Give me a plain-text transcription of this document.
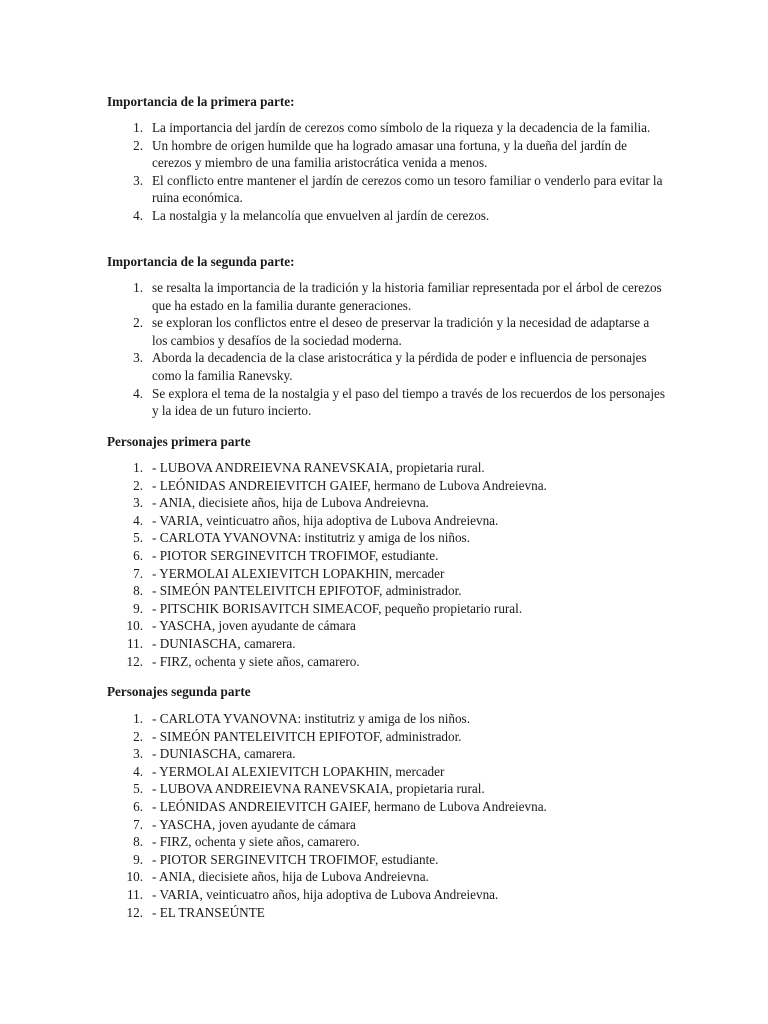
Importancia de la primera parte:
1. La importancia del jardín de cerezos como símbolo de la riqueza y la decadencia de la familia.
2. Un hombre de origen humilde que ha logrado amasar una fortuna, y la dueña del jardín de cerezos y miembro de una familia aristocrática venida a menos.
3. El conflicto entre mantener el jardín de cerezos como un tesoro familiar o venderlo para evitar la ruina económica.
4. La nostalgia y la melancolía que envuelven al jardín de cerezos.
Importancia de la segunda parte:
1. se resalta la importancia de la tradición y la historia familiar representada por el árbol de cerezos que ha estado en la familia durante generaciones.
2. se exploran los conflictos entre el deseo de preservar la tradición y la necesidad de adaptarse a los cambios y desafíos de la sociedad moderna.
3. Aborda la decadencia de la clase aristocrática y la pérdida de poder e influencia de personajes como la familia Ranevsky.
4. Se explora el tema de la nostalgia y el paso del tiempo a través de los recuerdos de los personajes y la idea de un futuro incierto.
Personajes primera parte
1. - LUBOVA ANDREIEVNA RANEVSKAIA, propietaria rural.
2. - LEÓNIDAS ANDREIEVITCH GAIEF, hermano de Lubova Andreievna.
3. - ANIA, diecisiete años, hija de Lubova Andreievna.
4. - VARIA, veinticuatro años, hija adoptiva de Lubova Andreievna.
5. - CARLOTA YVANOVNA: institutriz y amiga de los niños.
6. - PIOTOR SERGINEVITCH TROFIMOF, estudiante.
7. - YERMOLAI ALEXIEVITCH LOPAKHIN, mercader
8. - SIMEÓN PANTELEIVITCH EPIFOTOF, administrador.
9. - PITSCHIK BORISAVITCH SIMEACOF, pequeño propietario rural.
10. - YASCHA, joven ayudante de cámara
11. - DUNIASCHA, camarera.
12. - FIRZ, ochenta y siete años, camarero.
Personajes segunda parte
1. - CARLOTA YVANOVNA: institutriz y amiga de los niños.
2. - SIMEÓN PANTELEIVITCH EPIFOTOF, administrador.
3. - DUNIASCHA, camarera.
4. - YERMOLAI ALEXIEVITCH LOPAKHIN, mercader
5. - LUBOVA ANDREIEVNA RANEVSKAIA, propietaria rural.
6. - LEÓNIDAS ANDREIEVITCH GAIEF, hermano de Lubova Andreievna.
7. - YASCHA, joven ayudante de cámara
8. - FIRZ, ochenta y siete años, camarero.
9. - PIOTOR SERGINEVITCH TROFIMOF, estudiante.
10. - ANIA, diecisiete años, hija de Lubova Andreievna.
11. - VARIA, veinticuatro años, hija adoptiva de Lubova Andreievna.
12. - EL TRANSEÚNTE
